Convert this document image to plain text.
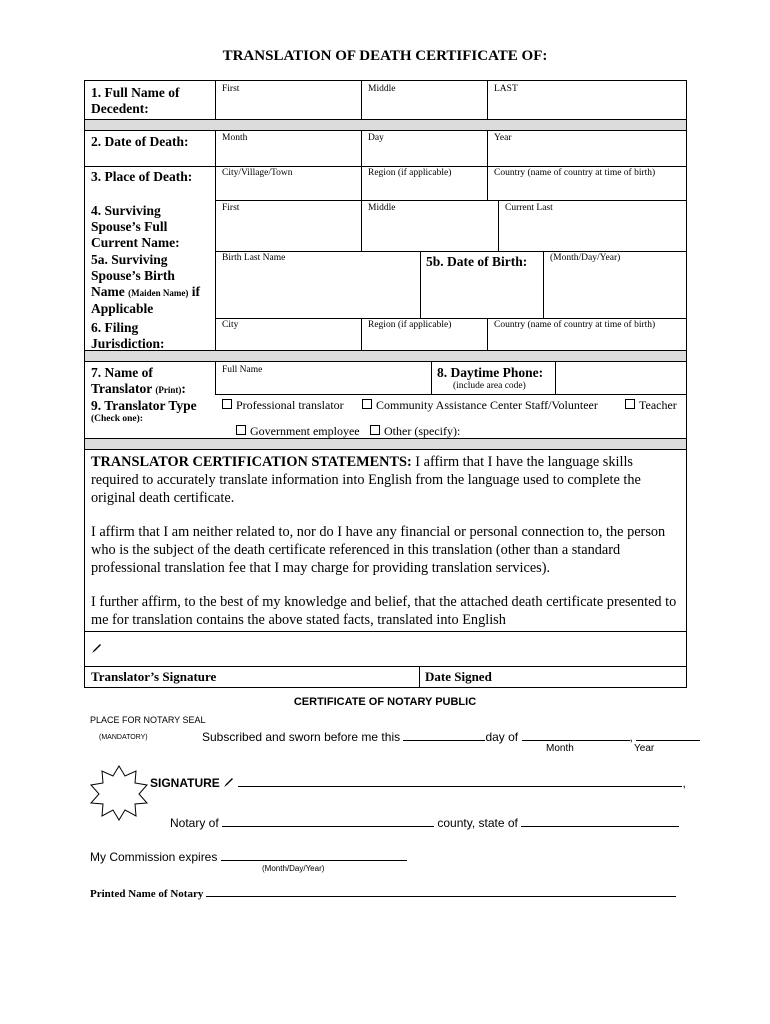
TRANSLATION OF DEATH CERTIFICATE OF:
1. Full Name of Decedent:
First	Middle	LAST
2. Date of Death:	Month	Day	Year
3. Place of Death:	City/Village/Town	Region (if applicable)	Country (name of country at time of birth)
4. Surviving Spouse’s Full Current Name:
First	Middle	Current Last
5a. Surviving Spouse’s Birth
Name (Maiden Name) if
Applicable
Birth Last Name	5b. Date of Birth: (Month/Day/Year)
6. Filing Jurisdiction:
City	Region (if applicable)	Country (name of country at time of birth)
7. Name of Translator (Print):
Full Name	8. Daytime Phone:
(include area code)
9. Translator Type
(Check one):
Professional translator	Community Assistance Center Staff/Volunteer	Teacher
Government employee	Other (specify):

TRANSLATOR CERTIFICATION STATEMENTS: I affirm that I have the language skills required to accurately translate information into English from the language used to complete the original death certificate.

I affirm that I am neither related to, nor do I have any financial or personal connection to, the person who is the subject of the death certificate referenced in this translation (other than a standard professional translation fee that I may charge for providing translation services).

I further affirm, to the best of my knowledge and belief, that the attached death certificate presented to me for translation contains the above stated facts, translated into English

Translator’s Signature	Date Signed
CERTIFICATE OF NOTARY PUBLIC
PLACE FOR NOTARY SEAL
(MANDATORY)	Subscribed and sworn before me this	day of	,
Month	Year
SIGNATURE	,
Notary of	county, state of
My Commission expires
(Month/Day/Year)
Printed Name of Notary
